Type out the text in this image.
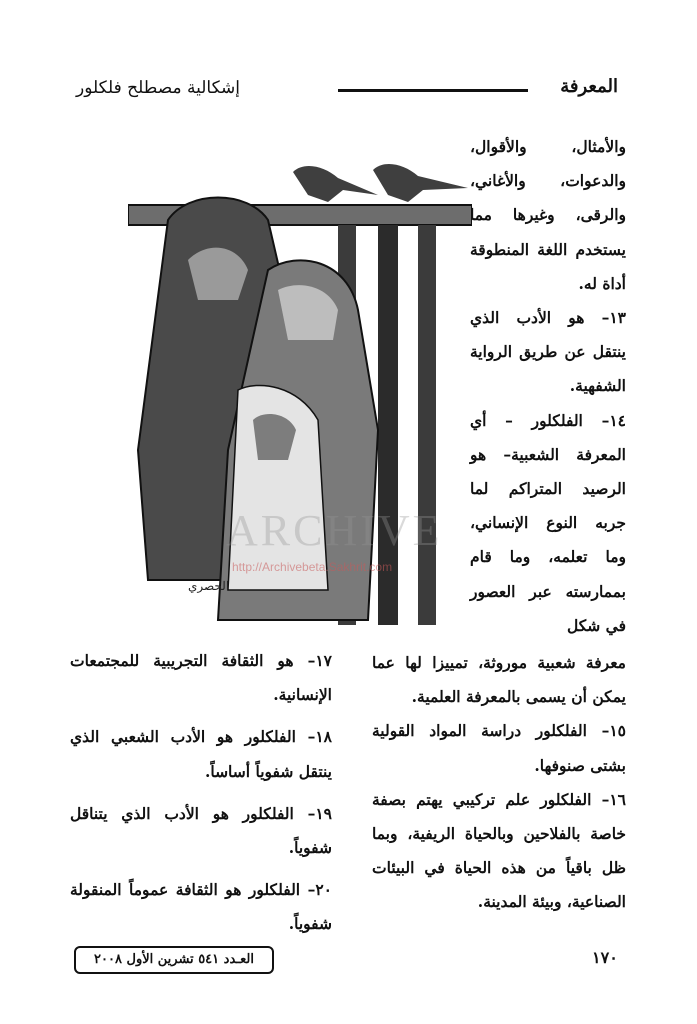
إشكالية مصطلح فلكلور	المعرفة
الحصري

والأمثال، والأقوال، والدعوات، والأغاني، والرقى، وغيرها مما يستخدم اللغة المنطوقة أداة له.

١٣– هو الأدب الذي ينتقل عن طريق الرواية الشفهية.

١٤– الفلكلور – أي المعرفة الشعبية– هو الرصيد المتراكم لما جربه النوع الإنساني، وما تعلمه، وما قام بممارسته عبر العصور في شكل

معرفة شعبية موروثة، تمييزا لها عما يمكن أن يسمى بالمعرفة العلمية.

١٥– الفلكلور دراسة المواد القولية بشتى صنوفها.

١٦– الفلكلور علم تركيبي يهتم بصفة خاصة بالفلاحين وبالحياة الريفية، وبما ظل باقياً من هذه الحياة في البيئات الصناعية، وبيئة المدينة.

١٧– هو الثقافة التجريبية للمجتمعات الإنسانية.

١٨– الفلكلور هو الأدب الشعبي الذي ينتقل شفوياً أساساً.

١٩– الفلكلور هو الأدب الذي يتناقل شفوياً.

٢٠– الفلكلور هو الثقافة عموماً المنقولة شفوياً.

ARCHIVE
http://Archivebeta.Sakhrit.com
العـدد ٥٤١ تشرين الأول ٢٠٠٨	١٧٠
